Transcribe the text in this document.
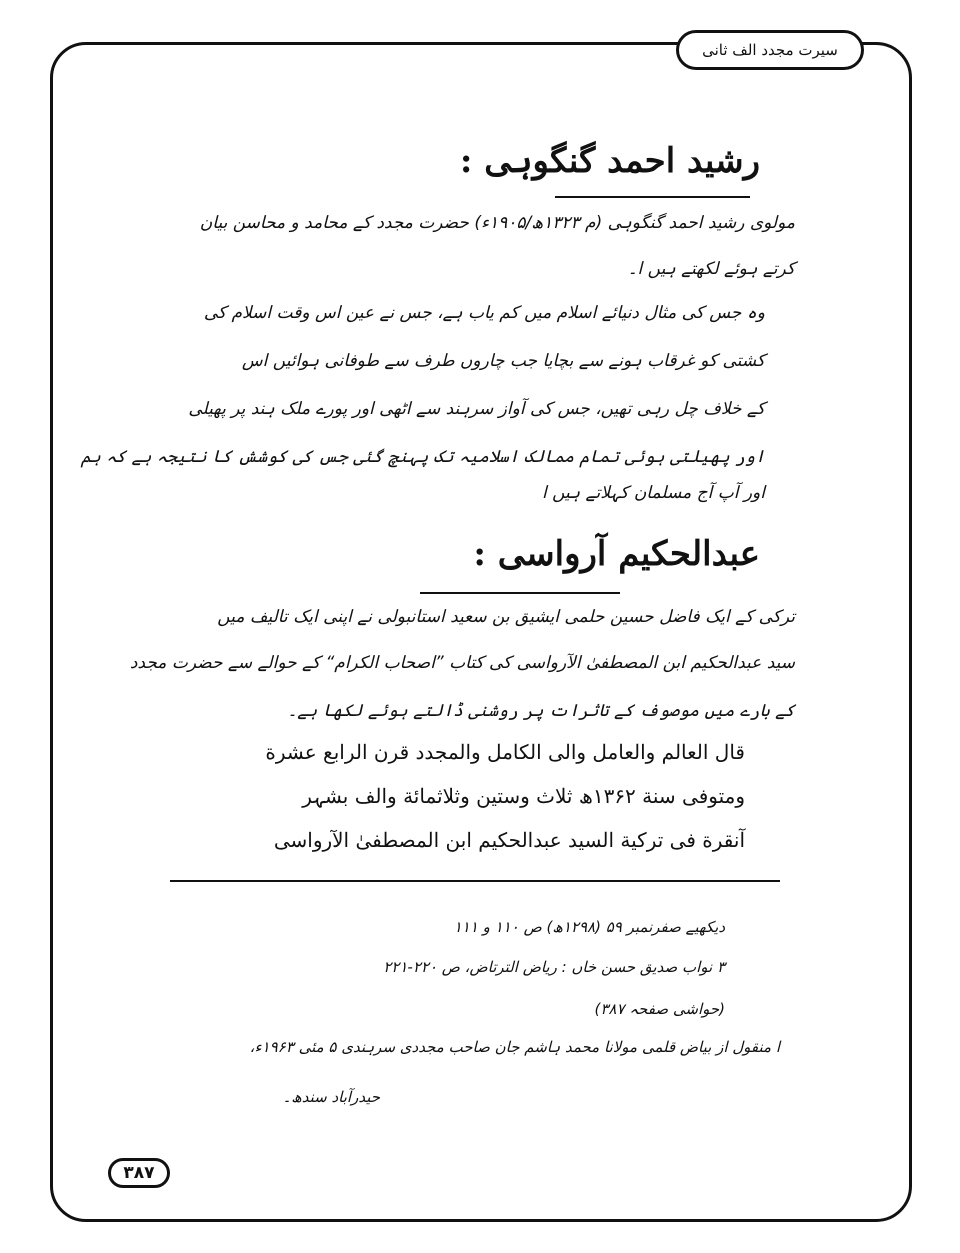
سیرت مجدد الف ثانی
رشید احمد گنگوہی :
مولوی رشید احمد گنگوہی (م ۱۳۲۳ھ/۱۹۰۵ء) حضرت مجدد کے محامد و محاسن بیان
کرتے ہوئے لکھتے ہیں ا۔
وہ جس کی مثال دنیائے اسلام میں کم یاب ہے، جس نے عین اس وقت اسلام کی
کشتی کو غرقاب ہونے سے بچایا جب چاروں طرف سے طوفانی ہوائیں اس
کے خلاف چل رہی تھیں، جس کی آواز سرہند سے اٹھی اور پورے ملک ہند پر پھیلی
اور پھیلتی ہوئی تمام ممالک اسلامیہ تک پہنچ گئی جس کی کوشش کا نتیجہ ہے کہ ہم
اور آپ آج مسلمان کہلاتے ہیں ا
عبدالحکیم آرواسی :
ترکی کے ایک فاضل حسین حلمی ایشیق بن سعید استانبولی نے اپنی ایک تالیف میں
سید عبدالحکیم ابن المصطفیٰ الآرواسی کی کتاب ”اصحاب الکرام“ کے حوالے سے حضرت مجدد
کے بارے میں موصوف کے تاثرات پر روشنی ڈالتے ہوئے لکھا ہے۔
قال العالم والعامل والی الکامل والمجدد قرن الرابع عشرة
ومتوفی سنة ۱۳۶۲ھ ثلاث وستین وثلاثمائة والف بشہر
آنقرة فی ترکیة السید عبدالحکیم ابن المصطفیٰ الآرواسی
دیکھیے صفرنمبر ۵۹ (۱۲۹۸ھ) ص ۱۱۰ و ۱۱۱
۳ نواب صدیق حسن خاں : ریاض الترتاض، ص ۲۲۰-۲۲۱
(حواشی صفحہ ۳۸۷)
ا منقول از بیاض قلمی مولانا محمد ہاشم جان صاحب مجددی سرہندی ۵ مئی ۱۹۶۳ء،
حیدرآباد سندھ۔
۳۸۷
